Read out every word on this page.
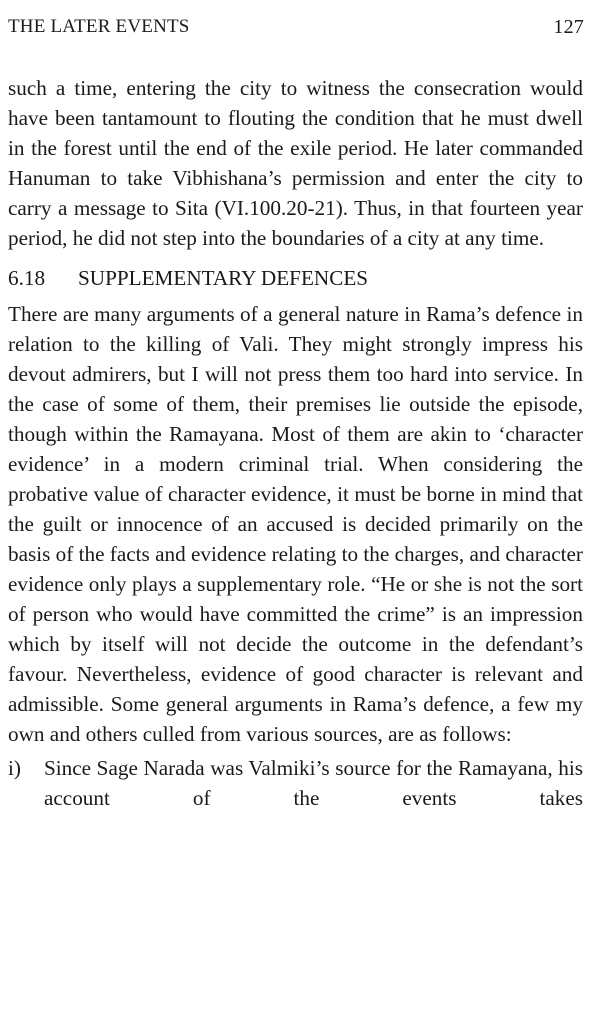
THE LATER EVENTS	127

such a time, entering the city to witness the consecration would have been tantamount to flouting the condition that he must dwell in the forest until the end of the exile period. He later commanded Hanuman to take Vibhishana’s permission and enter the city to carry a message to Sita (VI.100.20-21). Thus, in that fourteen year period, he did not step into the boundaries of a city at any time.

6.18 SUPPLEMENTARY DEFENCES

There are many arguments of a general nature in Rama’s defence in relation to the killing of Vali. They might strongly impress his devout admirers, but I will not press them too hard into service. In the case of some of them, their premises lie outside the episode, though within the Ramayana. Most of them are akin to ‘character evidence’ in a modern criminal trial. When considering the probative value of character evidence, it must be borne in mind that the guilt or innocence of an accused is decided primarily on the basis of the facts and evidence relating to the charges, and character evidence only plays a supplementary role. “He or she is not the sort of person who would have committed the crime” is an impression which by itself will not decide the outcome in the defendant’s favour. Nevertheless, evidence of good character is relevant and admissible. Some general arguments in Rama’s defence, a few my own and others culled from various sources, are as follows:

i)	Since Sage Narada was Valmiki’s source for the Ramayana, his account of the events takes
